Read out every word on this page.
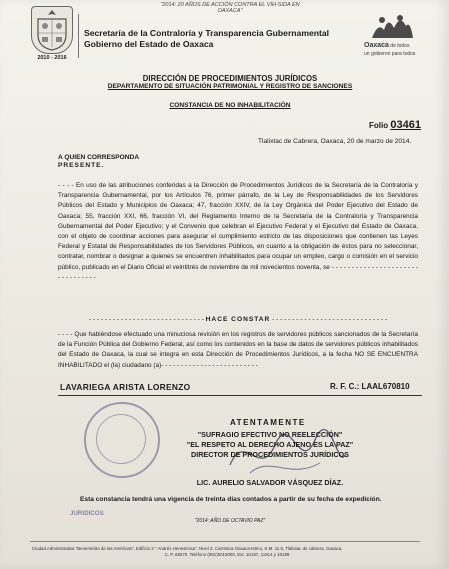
"2014: 20 AÑOS DE ACCIÓN CONTRA EL VIH-SIDA EN OAXACA"
2010 - 2016
Secretaría de la Contraloría y Transparencia Gubernamental
Gobierno del Estado de Oaxaca	Oaxaca de todos
un gobierno para todos
DIRECCIÓN DE PROCEDIMIENTOS JURÍDICOS
DEPARTAMENTO DE SITUACIÓN PATRIMONIAL Y REGISTRO DE SANCIONES
CONSTANCIA DE NO INHABILITACIÓN
Folio 03461
Tlalixtac de Cabrera, Oaxaca, 20 de marzo de 2014.
A QUIEN CORRESPONDA
PRESENTE.
- - - - En uso de las atribuciones conferidas a la Dirección de Procedimientos Jurídicos de la Secretaría de la Contraloría y Transparencia Gubernamental, por los Artículos 76, primer párrafo, de la Ley de Responsabilidades de los Servidores Públicos del Estado y Municipios de Oaxaca; 47, fracción XXIV, de la Ley Orgánica del Poder Ejecutivo del Estado de Oaxaca; 55, fracción XXI, 66, fracción VI, del Reglamento Interno de la Secretaría de la Contraloría y Transparencia Gubernamental del Poder Ejecutivo; y el Convenio que celebran el Ejecutivo Federal y el Ejecutivo del Estado de Oaxaca, con el objeto de coordinar acciones para asegurar el cumplimiento estricto de las disposiciones que contienen las Leyes Federal y Estatal de Responsabilidades de los Servidores Públicos, en cuanto a la obligación de éstos para no seleccionar, contratar, nombrar o designar a quienes se encuentren inhabilitados para ocupar un empleo, cargo o comisión en el servicio público, publicado en el Diario Oficial el veintitrés de noviembre de mil novecientos noventa, se - - - - - - - - - - - - - - - - - - - - - - - - - - - - - - - -
- - - - - - - - - - - - - - - - - - - - - - - - - - - - - HACE CONSTAR - - - - - - - - - - - - - - - - - - - - - - - - - - - - -
- - - - Que habiéndose efectuado una minuciosa revisión en los registros de servidores públicos sancionados de la Secretaría de la Función Pública del Gobierno Federal, así como los contenidos en la base de datos de servidores públicos inhabilitados del Estado de Oaxaca, la cual se integra en esta Dirección de Procedimientos Jurídicos, a la fecha NO SE ENCUENTRA INHABILITADO el (la) ciudadano (a)- - - - - - - - - - - - - - - - - - - - - - - - -
LAVARIEGA ARISTA LORENZO	R. F. C.: LAAL670810
JURIDICOS
ATENTAMENTE
"SUFRAGIO EFECTIVO NO REELECCIÓN"
"EL RESPETO AL DERECHO AJENO ES LA PAZ"
DIRECTOR DE PROCEDIMIENTOS JURÍDICOS
LIC. AURELIO SALVADOR VÁSQUEZ DÍAZ.
Esta constancia tendrá una vigencia de treinta días contados a partir de su fecha de expedición.
"2014: AÑO DE OCTAVIO PAZ"
Ciudad Administrativa "Benemérito de las Américas", Edificio 3 " Andrés Henestrosa", Nivel 3, Carretera Oaxaca-Istmo, K.M. 11.5, Tlalixtac de cabrera, Oaxaca.
C. P. 68270. Teléfono (951)5015000, Ext. 10197, 11814 y 10189
